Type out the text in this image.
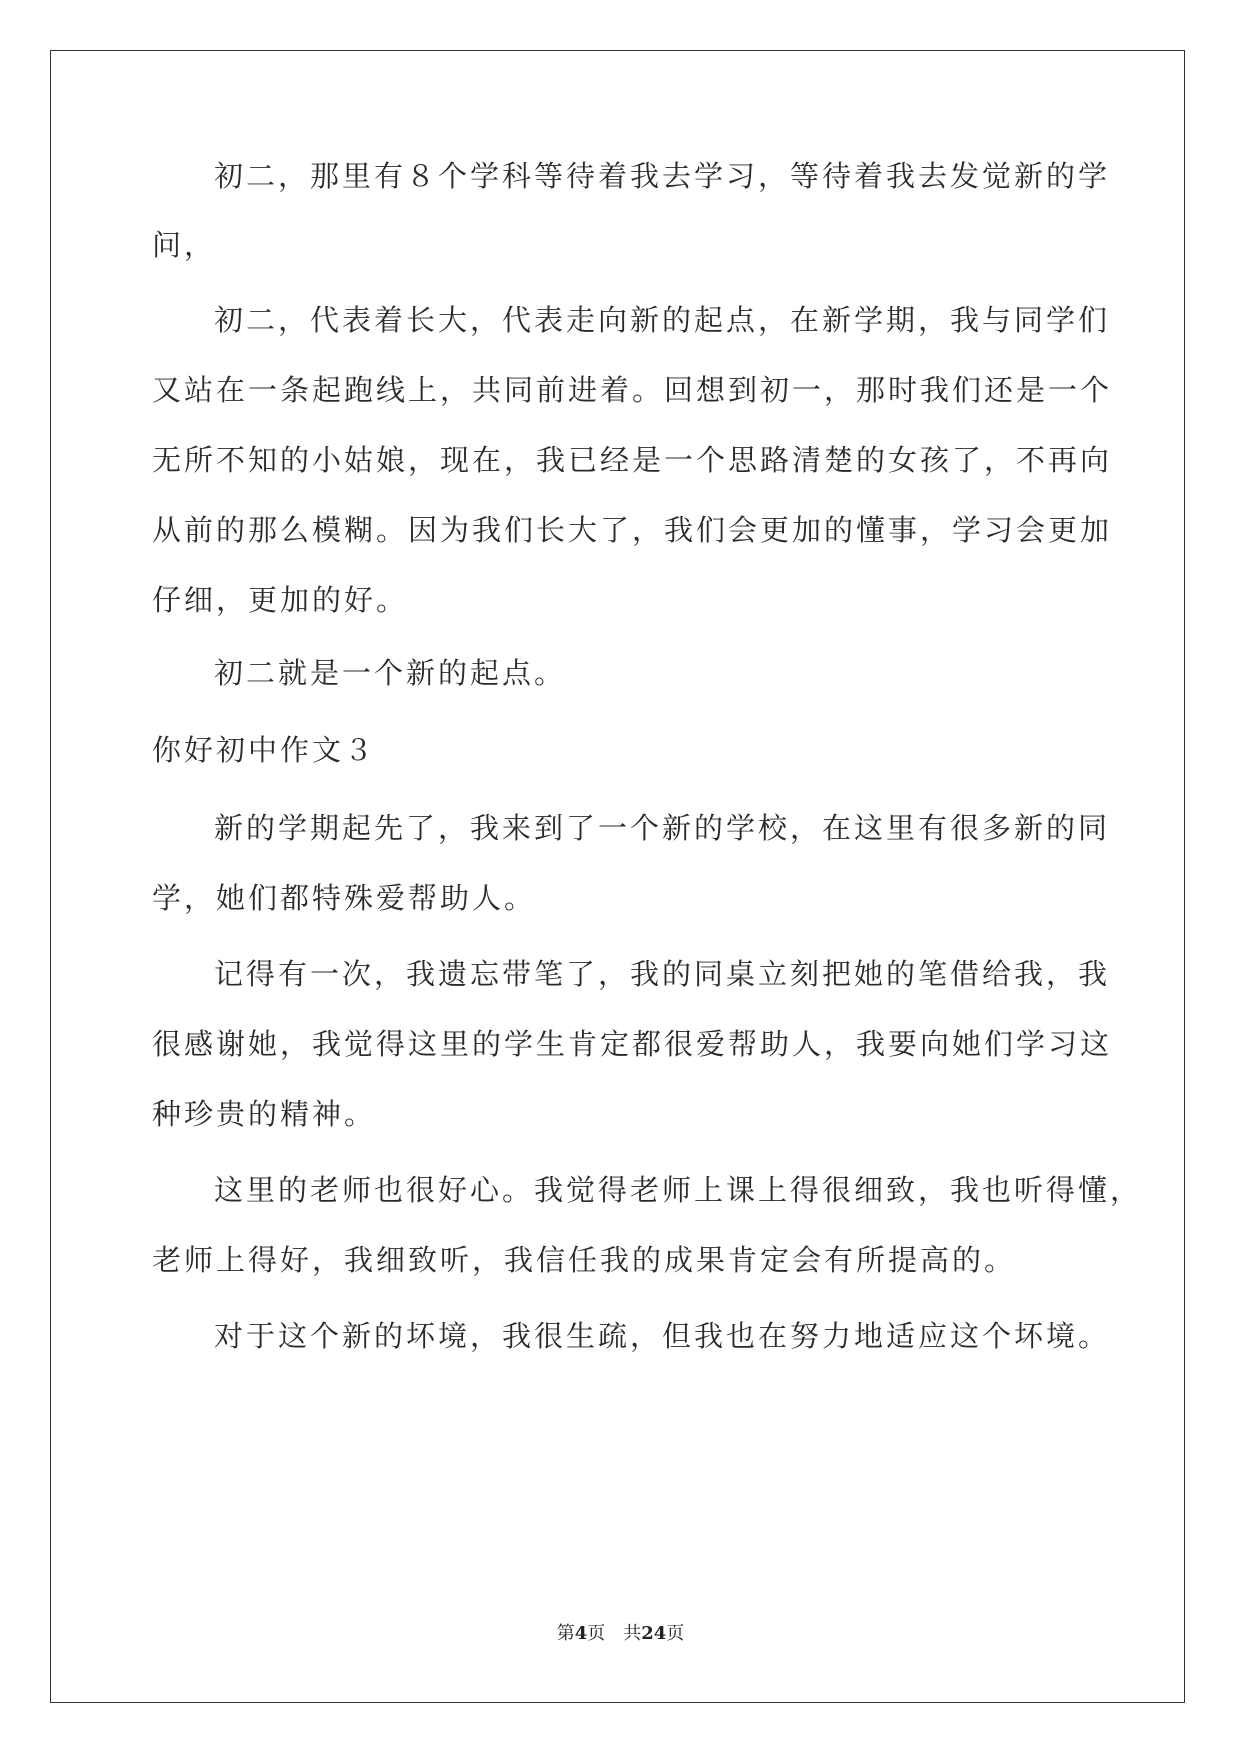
初二，那里有８个学科等待着我去学习，等待着我去发觉新的学
问，
初二，代表着长大，代表走向新的起点，在新学期，我与同学们
又站在一条起跑线上，共同前进着。回想到初一，那时我们还是一个
无所不知的小姑娘，现在，我已经是一个思路清楚的女孩了，不再向
从前的那么模糊。因为我们长大了，我们会更加的懂事，学习会更加
仔细，更加的好。
初二就是一个新的起点。
你好初中作文３
新的学期起先了，我来到了一个新的学校，在这里有很多新的同
学，她们都特殊爱帮助人。
记得有一次，我遗忘带笔了，我的同桌立刻把她的笔借给我，我
很感谢她，我觉得这里的学生肯定都很爱帮助人，我要向她们学习这
种珍贵的精神。
这里的老师也很好心。我觉得老师上课上得很细致，我也听得懂，
老师上得好，我细致听，我信任我的成果肯定会有所提高的。
对于这个新的坏境，我很生疏，但我也在努力地适应这个坏境。
第4页 共24页
